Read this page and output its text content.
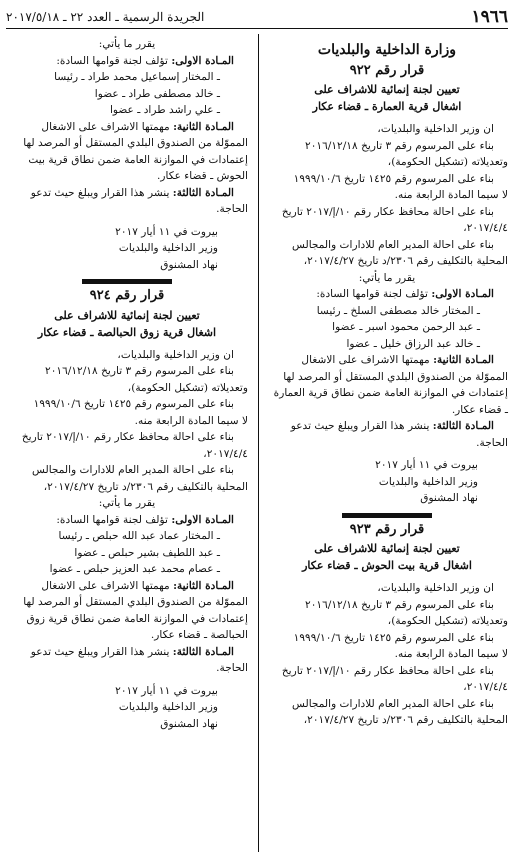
١٩٦٦
الجريدة الرسمية ـ العدد ٢٢ ـ ٢٠١٧/٥/١٨
وزارة الداخلية والبلديات
قرار رقم ٩٢٢
تعيين لجنة إنمائية للاشراف على
اشغال قرية العمارة ـ قضاء عكار

ان وزير الداخلية والبلديات،

بناء على المرسوم رقم ٣ تاريخ ٢٠١٦/١٢/١٨

وتعديلاته (تشكيل الحكومة)،

بناء على المرسوم رقم ١٤٢٥ تاريخ ١٩٩٩/١٠/٦

لا سيما المادة الرابعة منه.

بناء على احالة محافظ عكار رقم ١٠/إ/٢٠١٧ تاريخ

٢٠١٧/٤/٤،

بناء على احالة المدير العام للادارات والمجالس

المحلية بالتكليف رقم ٢٣٠٦/د تاريخ ٢٠١٧/٤/٢٧،

يقرر ما يأتي:

المـادة الاولى: تؤلف لجنة قوامها السادة:

ـ المختار خالد مصطفى السلخ ـ رئيسا

ـ عبد الرحمن محمود اسبر ـ عضوا

ـ خالد عبد الرزاق خليل ـ عضوا

المـادة الثانية: مهمتها الاشراف على الاشغال

المموّلة من الصندوق البلدي المستقل أو المرصد لها

إعتمادات في الموازنة العامة ضمن نطاق قرية العمارة

ـ قضاء عكار.

المـادة الثالثة: ينشر هذا القرار ويبلغ حيث تدعو

الحاجة.

بيروت في ١١ أيار ٢٠١٧

وزير الداخلية والبلديات

نهاد المشنوق

قرار رقم ٩٢٣
تعيين لجنة إنمائية للاشراف على
اشغال قرية بيت الحوش ـ قضاء عكار

ان وزير الداخلية والبلديات،

بناء على المرسوم رقم ٣ تاريخ ٢٠١٦/١٢/١٨

وتعديلاته (تشكيل الحكومة)،

بناء على المرسوم رقم ١٤٢٥ تاريخ ١٩٩٩/١٠/٦

لا سيما المادة الرابعة منه.

بناء على احالة محافظ عكار رقم ١٠/إ/٢٠١٧ تاريخ

٢٠١٧/٤/٤،

بناء على احالة المدير العام للادارات والمجالس

المحلية بالتكليف رقم ٢٣٠٦/د تاريخ ٢٠١٧/٤/٢٧،

يقرر ما يأتي:

المـادة الاولى: تؤلف لجنة قوامها السادة:

ـ المختار إسماعيل محمد طراد ـ رئيسا

ـ خالد مصطفى طراد ـ عضوا

ـ علي راشد طراد ـ عضوا

المـادة الثانية: مهمتها الاشراف على الاشغال

المموّلة من الصندوق البلدي المستقل أو المرصد لها

إعتمادات في الموازنة العامة ضمن نطاق قرية بيت

الحوش ـ قضاء عكار.

المـادة الثالثة: ينشر هذا القرار ويبلغ حيث تدعو

الحاجة.

بيروت في ١١ أيار ٢٠١٧

وزير الداخلية والبلديات

نهاد المشنوق

قرار رقم ٩٢٤
تعيين لجنة إنمائية للاشراف على
اشغال قرية زوق الحبالصة ـ قضاء عكار

ان وزير الداخلية والبلديات،

بناء على المرسوم رقم ٣ تاريخ ٢٠١٦/١٢/١٨

وتعديلاته (تشكيل الحكومة)،

بناء على المرسوم رقم ١٤٢٥ تاريخ ١٩٩٩/١٠/٦

لا سيما المادة الرابعة منه.

بناء على احالة محافظ عكار رقم ١٠/إ/٢٠١٧ تاريخ

٢٠١٧/٤/٤،

بناء على احالة المدير العام للادارات والمجالس

المحلية بالتكليف رقم ٢٣٠٦/د تاريخ ٢٠١٧/٤/٢٧،

يقرر ما يأتي:

المـادة الاولى: تؤلف لجنة قوامها السادة:

ـ المختار عماد عبد الله حبلص ـ رئيسا

ـ عبد اللطيف بشير حبلص ـ عضوا

ـ عصام محمد عبد العزيز حبلص ـ عضوا

المـادة الثانية: مهمتها الاشراف على الاشغال

المموّلة من الصندوق البلدي المستقل أو المرصد لها

إعتمادات في الموازنة العامة ضمن نطاق قرية زوق

الحبالصة ـ قضاء عكار.

المـادة الثالثة: ينشر هذا القرار ويبلغ حيث تدعو

الحاجة.

بيروت في ١١ أيار ٢٠١٧

وزير الداخلية والبلديات

نهاد المشنوق
